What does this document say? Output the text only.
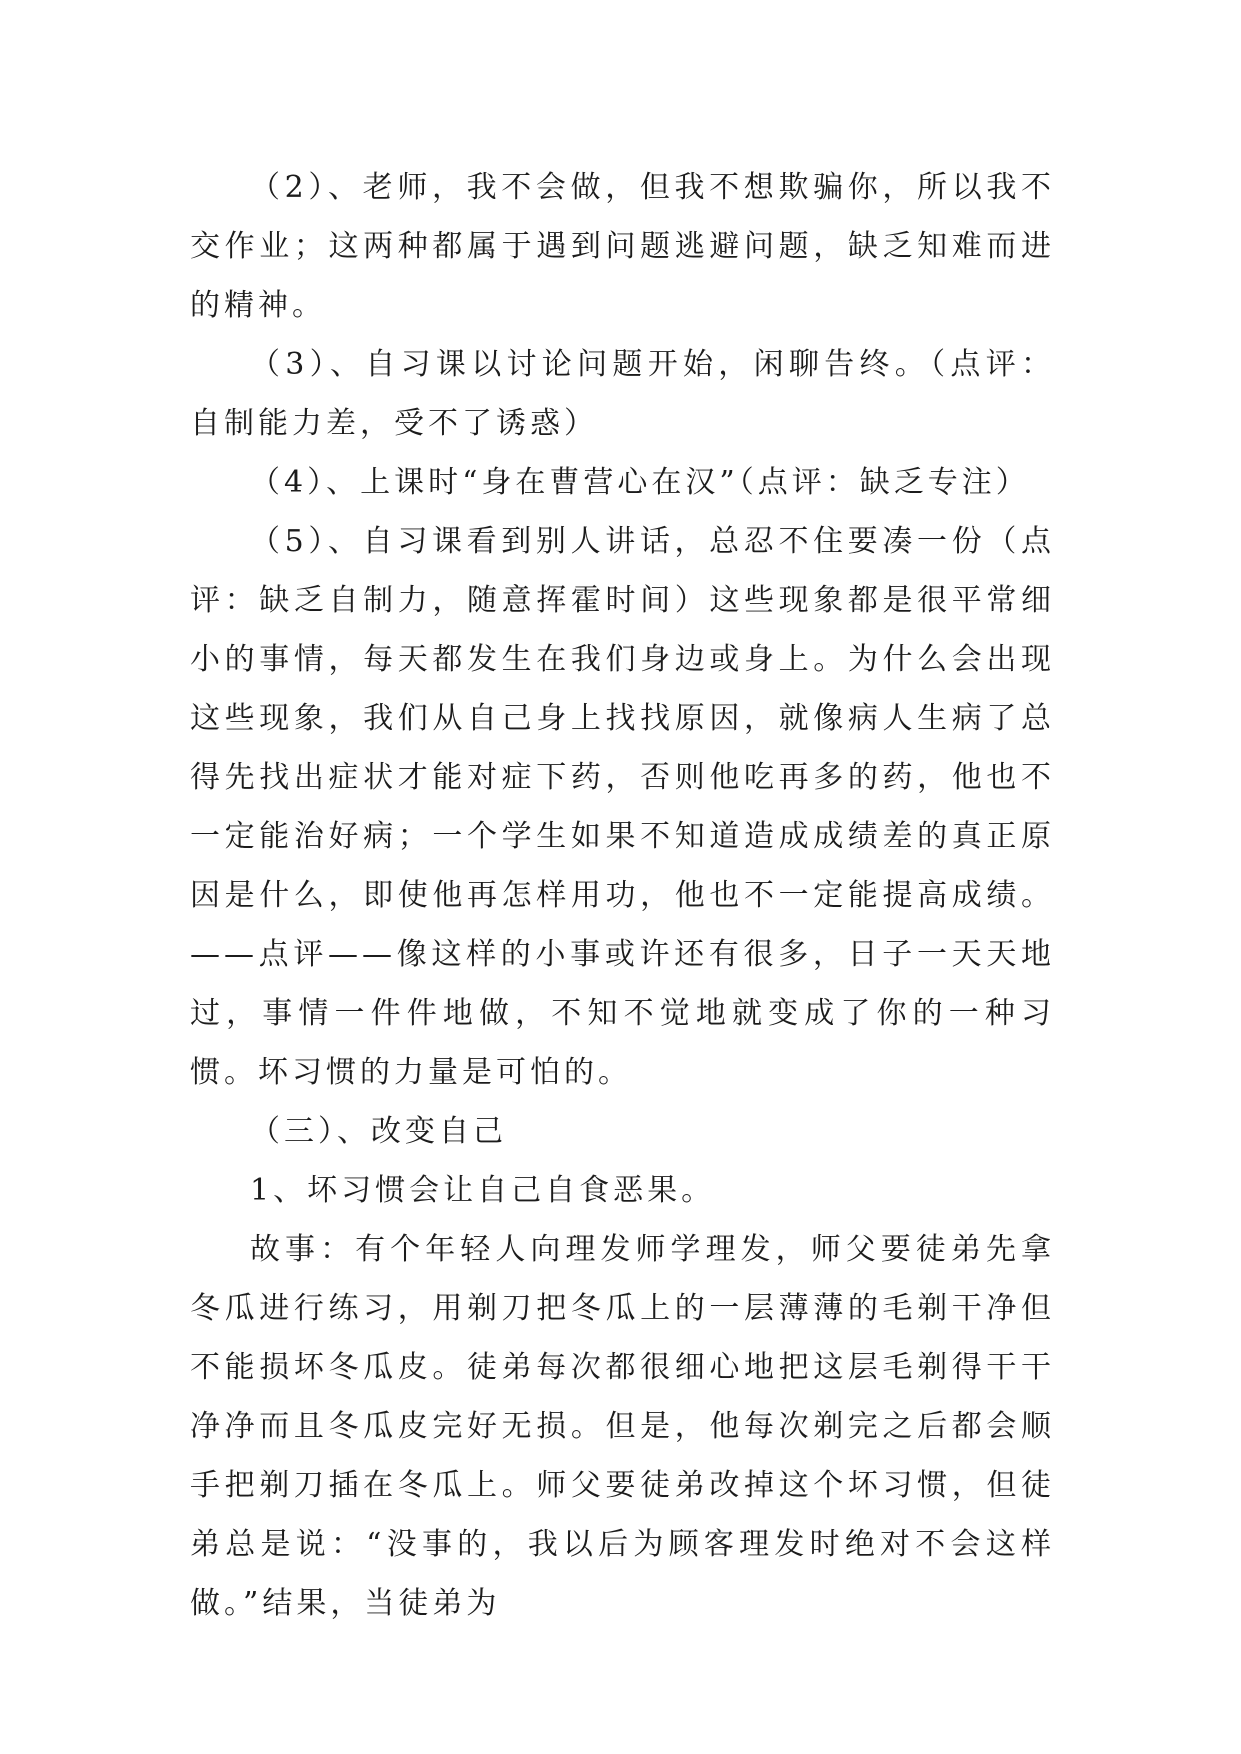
（2）、老师，我不会做，但我不想欺骗你，所以我不交作业；这两种都属于遇到问题逃避问题，缺乏知难而进的精神。

（3）、自习课以讨论问题开始，闲聊告终。（点评：自制能力差，受不了诱惑）

（4）、上课时“身在曹营心在汉”（点评：缺乏专注）

（5）、自习课看到别人讲话，总忍不住要凑一份（点评：缺乏自制力，随意挥霍时间）这些现象都是很平常细小的事情，每天都发生在我们身边或身上。为什么会出现这些现象，我们从自己身上找找原因，就像病人生病了总得先找出症状才能对症下药，否则他吃再多的药，他也不一定能治好病；一个学生如果不知道造成成绩差的真正原因是什么，即使他再怎样用功，他也不一定能提高成绩。——点评——像这样的小事或许还有很多，日子一天天地过，事情一件件地做，不知不觉地就变成了你的一种习惯。坏习惯的力量是可怕的。

（三）、改变自己

1、坏习惯会让自己自食恶果。

故事：有个年轻人向理发师学理发，师父要徒弟先拿冬瓜进行练习，用剃刀把冬瓜上的一层薄薄的毛剃干净但不能损坏冬瓜皮。徒弟每次都很细心地把这层毛剃得干干净净而且冬瓜皮完好无损。但是，他每次剃完之后都会顺手把剃刀插在冬瓜上。师父要徒弟改掉这个坏习惯，但徒弟总是说：“没事的，我以后为顾客理发时绝对不会这样做。”结果，当徒弟为
